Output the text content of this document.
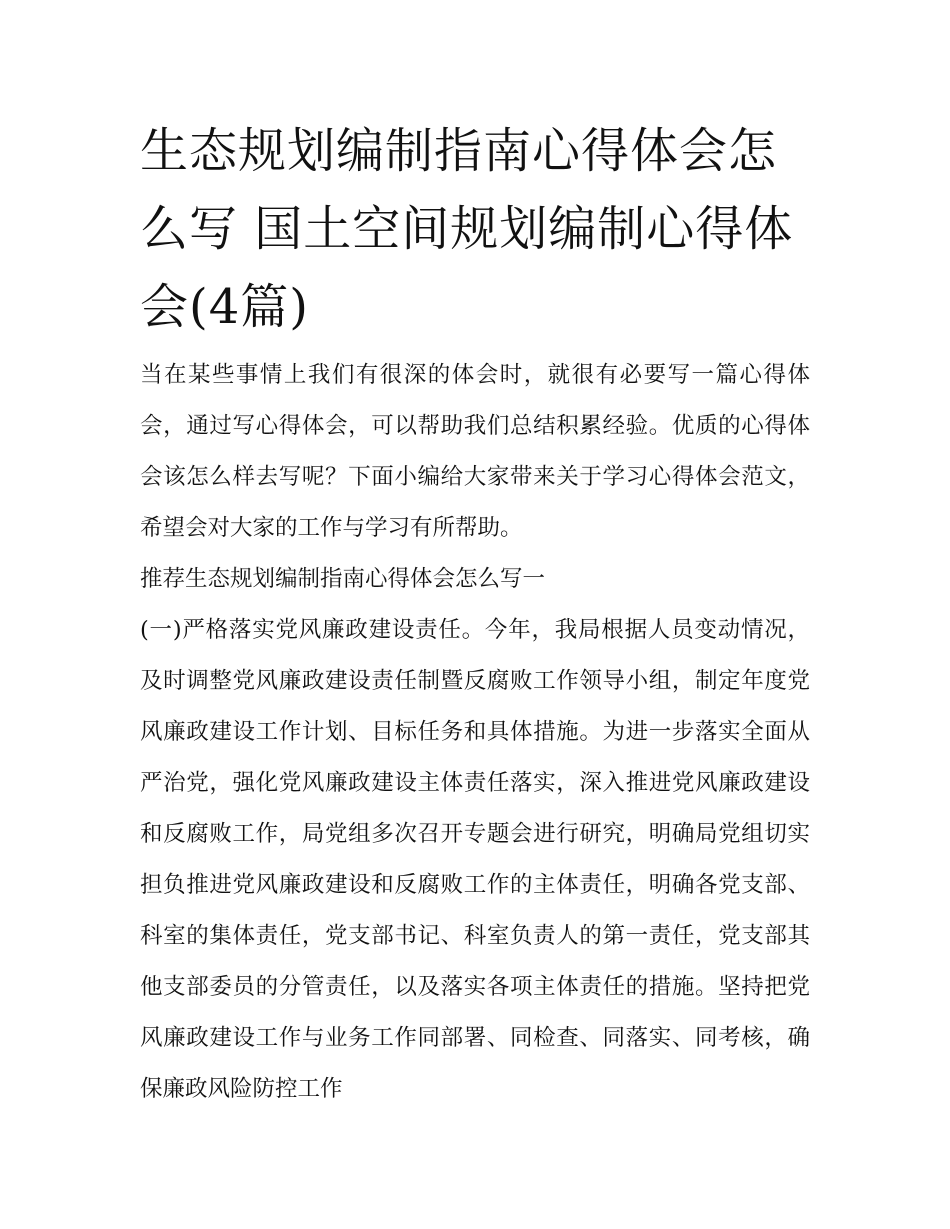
生态规划编制指南心得体会怎么写 国土空间规划编制心得体会(4篇)

当在某些事情上我们有很深的体会时，就很有必要写一篇心得体会，通过写心得体会，可以帮助我们总结积累经验。优质的心得体会该怎么样去写呢？下面小编给大家带来关于学习心得体会范文，希望会对大家的工作与学习有所帮助。

推荐生态规划编制指南心得体会怎么写一

(一)严格落实党风廉政建设责任。今年，我局根据人员变动情况，及时调整党风廉政建设责任制暨反腐败工作领导小组，制定年度党风廉政建设工作计划、目标任务和具体措施。为进一步落实全面从严治党，强化党风廉政建设主体责任落实，深入推进党风廉政建设和反腐败工作，局党组多次召开专题会进行研究，明确局党组切实担负推进党风廉政建设和反腐败工作的主体责任，明确各党支部、科室的集体责任，党支部书记、科室负责人的第一责任，党支部其他支部委员的分管责任，以及落实各项主体责任的措施。坚持把党风廉政建设工作与业务工作同部署、同检查、同落实、同考核，确保廉政风险防控工作
